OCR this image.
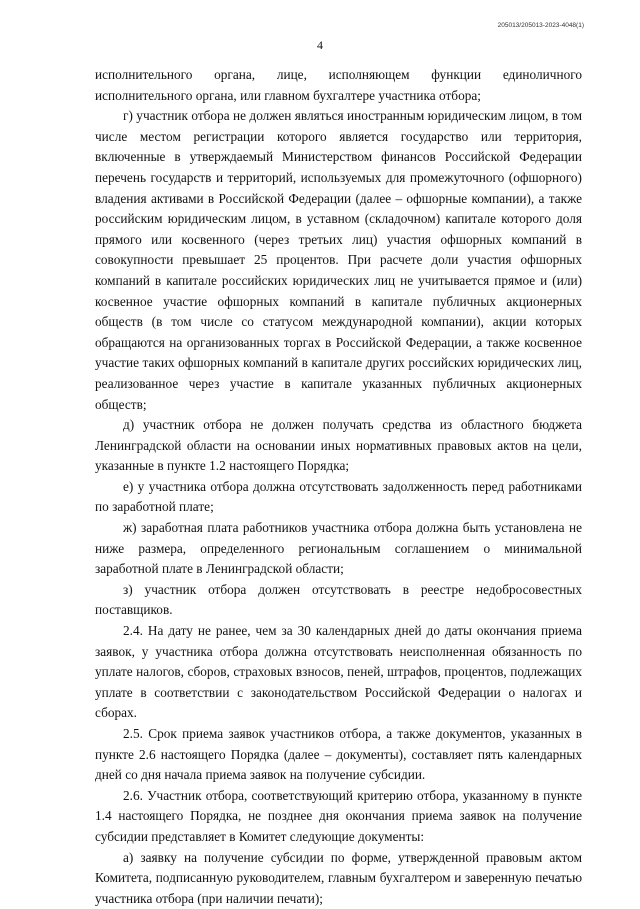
205013/205013-2023-4048(1)
4

исполнительного органа, лице, исполняющем функции единоличного исполнительного органа, или главном бухгалтере участника отбора;

г) участник отбора не должен являться иностранным юридическим лицом, в том числе местом регистрации которого является государство или территория, включенные в утверждаемый Министерством финансов Российской Федерации перечень государств и территорий, используемых для промежуточного (офшорного) владения активами в Российской Федерации (далее – офшорные компании), а также российским юридическим лицом, в уставном (складочном) капитале которого доля прямого или косвенного (через третьих лиц) участия офшорных компаний в совокупности превышает 25 процентов. При расчете доли участия офшорных компаний в капитале российских юридических лиц не учитывается прямое и (или) косвенное участие офшорных компаний в капитале публичных акционерных обществ (в том числе со статусом международной компании), акции которых обращаются на организованных торгах в Российской Федерации, а также косвенное участие таких офшорных компаний в капитале других российских юридических лиц, реализованное через участие в капитале указанных публичных акционерных обществ;

д) участник отбора не должен получать средства из областного бюджета Ленинградской области на основании иных нормативных правовых актов на цели, указанные в пункте 1.2 настоящего Порядка;

е) у участника отбора должна отсутствовать задолженность перед работниками по заработной плате;

ж) заработная плата работников участника отбора должна быть установлена не ниже размера, определенного региональным соглашением о минимальной заработной плате в Ленинградской области;

з) участник отбора должен отсутствовать в реестре недобросовестных поставщиков.

2.4. На дату не ранее, чем за 30 календарных дней до даты окончания приема заявок, у участника отбора должна отсутствовать неисполненная обязанность по уплате налогов, сборов, страховых взносов, пеней, штрафов, процентов, подлежащих уплате в соответствии с законодательством Российской Федерации о налогах и сборах.

2.5. Срок приема заявок участников отбора, а также документов, указанных в пункте 2.6 настоящего Порядка (далее – документы), составляет пять календарных дней со дня начала приема заявок на получение субсидии.

2.6. Участник отбора, соответствующий критерию отбора, указанному в пункте 1.4 настоящего Порядка, не позднее дня окончания приема заявок на получение субсидии представляет в Комитет следующие документы:

а) заявку на получение субсидии по форме, утвержденной правовым актом Комитета, подписанную руководителем, главным бухгалтером и заверенную печатью участника отбора (при наличии печати);
